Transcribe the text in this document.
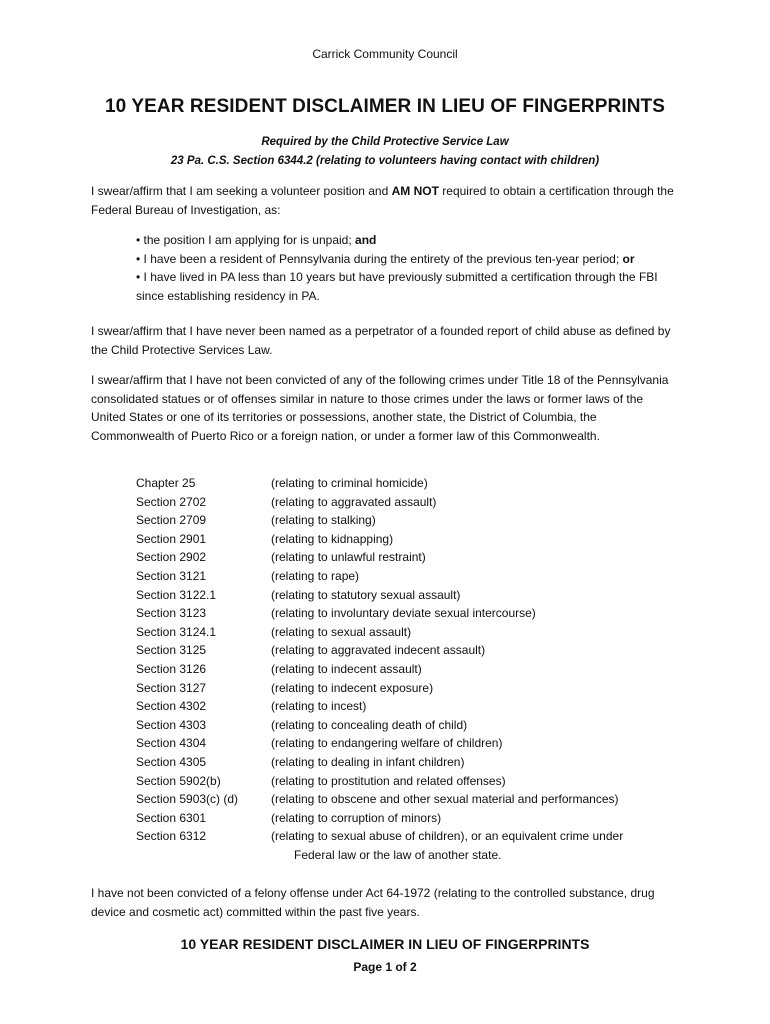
Carrick Community Council
10 YEAR RESIDENT DISCLAIMER IN LIEU OF FINGERPRINTS
Required by the Child Protective Service Law
23 Pa. C.S. Section 6344.2 (relating to volunteers having contact with children)
I swear/affirm that I am seeking a volunteer position and AM NOT required to obtain a certification through the Federal Bureau of Investigation, as:
• the position I am applying for is unpaid; and
• I have been a resident of Pennsylvania during the entirety of the previous ten-year period; or
• I have lived in PA less than 10 years but have previously submitted a certification through the FBI since establishing residency in PA.
I swear/affirm that I have never been named as a perpetrator of a founded report of child abuse as defined by the Child Protective Services Law.
I swear/affirm that I have not been convicted of any of the following crimes under Title 18 of the Pennsylvania consolidated statues or of offenses similar in nature to those crimes under the laws or former laws of the United States or one of its territories or possessions, another state, the District of Columbia, the Commonwealth of Puerto Rico or a foreign nation, or under a former law of this Commonwealth.
Chapter 25	(relating to criminal homicide)
Section 2702	(relating to aggravated assault)
Section 2709	(relating to stalking)
Section 2901	(relating to kidnapping)
Section 2902	(relating to unlawful restraint)
Section 3121	(relating to rape)
Section 3122.1	(relating to statutory sexual assault)
Section 3123	(relating to involuntary deviate sexual intercourse)
Section 3124.1	(relating to sexual assault)
Section 3125	(relating to aggravated indecent assault)
Section 3126	(relating to indecent assault)
Section 3127	(relating to indecent exposure)
Section 4302	(relating to incest)
Section 4303	(relating to concealing death of child)
Section 4304	(relating to endangering welfare of children)
Section 4305	(relating to dealing in infant children)
Section 5902(b)	(relating to prostitution and related offenses)
Section 5903(c) (d)	(relating to obscene and other sexual material and performances)
Section 6301	(relating to corruption of minors)
Section 6312	(relating to sexual abuse of children), or an equivalent crime under
Federal law or the law of another state.
I have not been convicted of a felony offense under Act 64-1972 (relating to the controlled substance, drug device and cosmetic act) committed within the past five years.
10 YEAR RESIDENT DISCLAIMER IN LIEU OF FINGERPRINTS
Page 1 of 2
